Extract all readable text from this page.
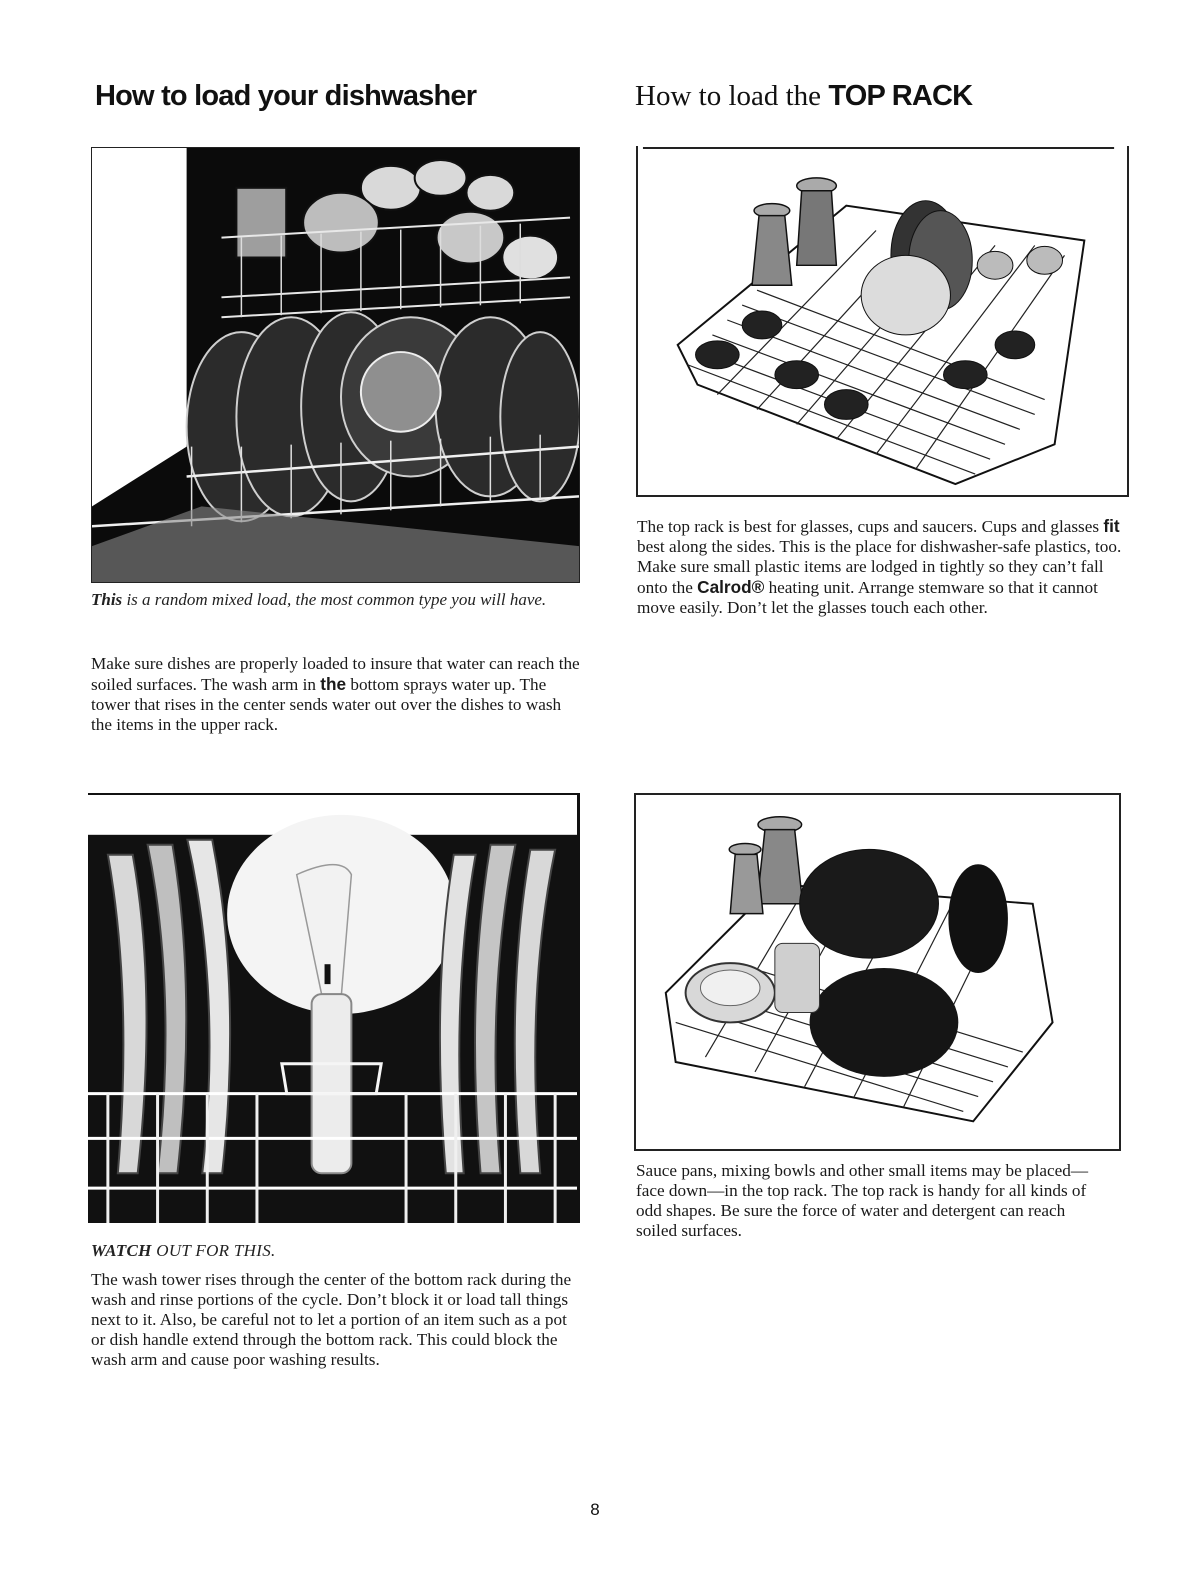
How to load your dishwasher	How to load the TOP RACK

This is a random mixed load, the most common type you will have.

Make sure dishes are properly loaded to insure that water can reach the soiled surfaces. The wash arm in the bottom sprays water up. The tower that rises in the center sends water out over the dishes to wash the items in the upper rack.

WATCH OUT FOR THIS.

The wash tower rises through the center of the bottom rack during the wash and rinse portions of the cycle. Don’t block it or load tall things next to it. Also, be careful not to let a portion of an item such as a pot or dish handle extend through the bottom rack. This could block the wash arm and cause poor washing results.

The top rack is best for glasses, cups and saucers. Cups and glasses fit best along the sides. This is the place for dishwasher-safe plastics, too. Make sure small plastic items are lodged in tightly so they can’t fall onto the Calrod® heating unit. Arrange stemware so that it cannot move easily. Don’t let the glasses touch each other.

Sauce pans, mixing bowls and other small items may be placed—face down—in the top rack. The top rack is handy for all kinds of odd shapes. Be sure the force of water and detergent can reach soiled surfaces.

8
